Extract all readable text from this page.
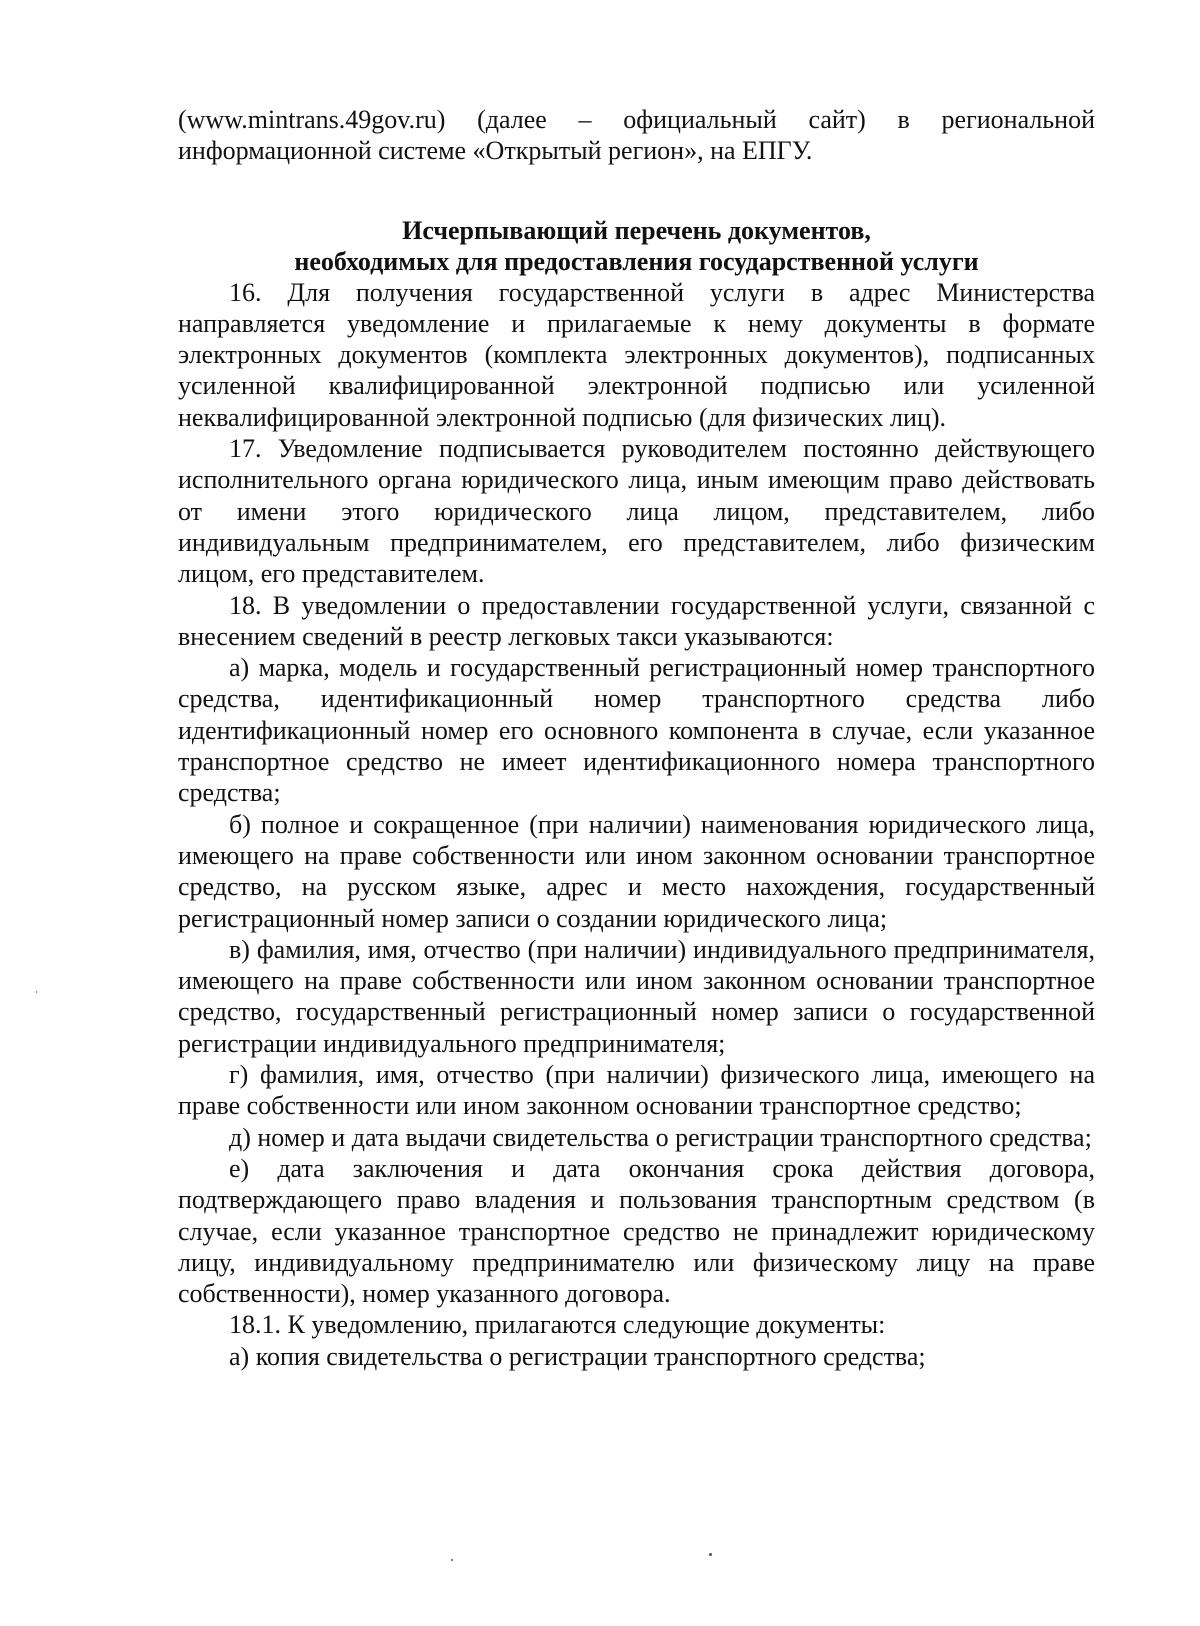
(www.mintrans.49gov.ru) (далее – официальный сайт) в региональной информационной системе «Открытый регион», на ЕПГУ.

Исчерпывающий перечень документов,
необходимых для предоставления государственной услуги

16. Для получения государственной услуги в адрес Министерства направляется уведомление и прилагаемые к нему документы в формате электронных документов (комплекта электронных документов), подписанных усиленной квалифицированной электронной подписью или усиленной неквалифицированной электронной подписью (для физических лиц).

17. Уведомление подписывается руководителем постоянно действующего исполнительного органа юридического лица, иным имеющим право действовать от имени этого юридического лица лицом, представителем, либо индивидуальным предпринимателем, его представителем, либо физическим лицом, его представителем.

18. В уведомлении о предоставлении государственной услуги, связанной с внесением сведений в реестр легковых такси указываются:

а) марка, модель и государственный регистрационный номер транспортного средства, идентификационный номер транспортного средства либо идентификационный номер его основного компонента в случае, если указанное транспортное средство не имеет идентификационного номера транспортного средства;

б) полное и сокращенное (при наличии) наименования юридического лица, имеющего на праве собственности или ином законном основании транспортное средство, на русском языке, адрес и место нахождения, государственный регистрационный номер записи о создании юридического лица;

в) фамилия, имя, отчество (при наличии) индивидуального предпринимателя, имеющего на праве собственности или ином законном основании транспортное средство, государственный регистрационный номер записи о государственной регистрации индивидуального предпринимателя;

г) фамилия, имя, отчество (при наличии) физического лица, имеющего на праве собственности или ином законном основании транспортное средство;

д) номер и дата выдачи свидетельства о регистрации транспортного средства;

е) дата заключения и дата окончания срока действия договора, подтверждающего право владения и пользования транспортным средством (в случае, если указанное транспортное средство не принадлежит юридическому лицу, индивидуальному предпринимателю или физическому лицу на праве собственности), номер указанного договора.

18.1. К уведомлению, прилагаются следующие документы:

а) копия свидетельства о регистрации транспортного средства;
